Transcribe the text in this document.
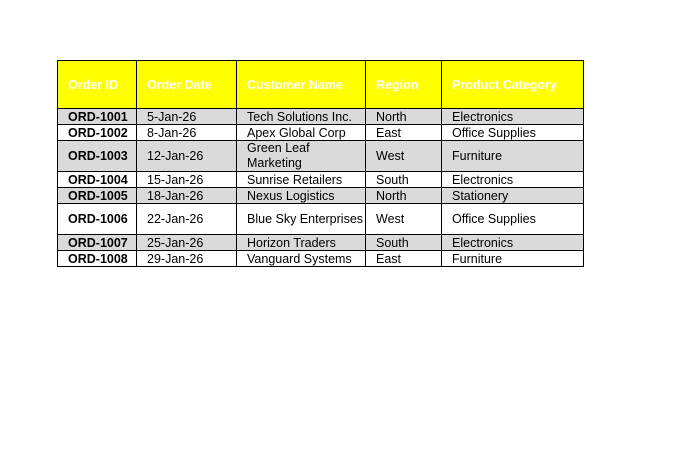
Order ID	Order Date	Customer Name	Region	Product Category
ORD-1001	5-Jan-26	Tech Solutions Inc.	North	Electronics
ORD-1002	8-Jan-26	Apex Global Corp	East	Office Supplies
ORD-1003	12-Jan-26	Green Leaf Marketing	West	Furniture
ORD-1004	15-Jan-26	Sunrise Retailers	South	Electronics
ORD-1005	18-Jan-26	Nexus Logistics	North	Stationery
ORD-1006	22-Jan-26	Blue Sky Enterprises	West	Office Supplies
ORD-1007	25-Jan-26	Horizon Traders	South	Electronics
ORD-1008	29-Jan-26	Vanguard Systems	East	Furniture
